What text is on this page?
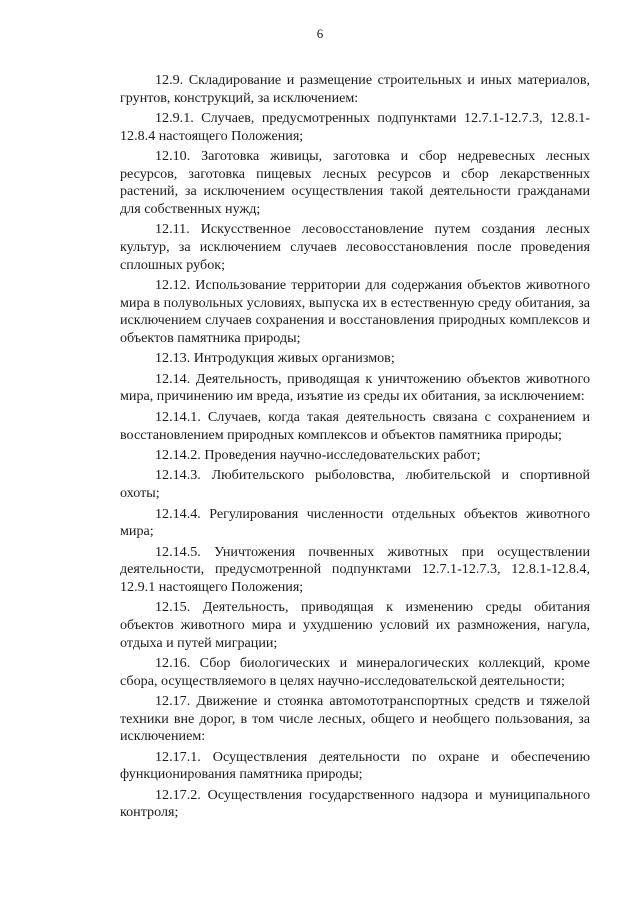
6

12.9. Складирование и размещение строительных и иных материалов, грунтов, конструкций, за исключением:

12.9.1. Случаев, предусмотренных подпунктами 12.7.1-12.7.3, 12.8.1-12.8.4 настоящего Положения;

12.10. Заготовка живицы, заготовка и сбор недревесных лесных ресурсов, заготовка пищевых лесных ресурсов и сбор лекарственных растений, за исключением осуществления такой деятельности гражданами для собственных нужд;

12.11. Искусственное лесовосстановление путем создания лесных культур, за исключением случаев лесовосстановления после проведения сплошных рубок;

12.12. Использование территории для содержания объектов животного мира в полувольных условиях, выпуска их в естественную среду обитания, за исключением случаев сохранения и восстановления природных комплексов и объектов памятника природы;

12.13. Интродукция живых организмов;

12.14. Деятельность, приводящая к уничтожению объектов животного мира, причинению им вреда, изъятие из среды их обитания, за исключением:

12.14.1. Случаев, когда такая деятельность связана с сохранением и восстановлением природных комплексов и объектов памятника природы;

12.14.2. Проведения научно-исследовательских работ;

12.14.3. Любительского рыболовства, любительской и спортивной охоты;

12.14.4. Регулирования численности отдельных объектов животного мира;

12.14.5. Уничтожения почвенных животных при осуществлении деятельности, предусмотренной подпунктами 12.7.1-12.7.3, 12.8.1-12.8.4, 12.9.1 настоящего Положения;

12.15. Деятельность, приводящая к изменению среды обитания объектов животного мира и ухудшению условий их размножения, нагула, отдыха и путей миграции;

12.16. Сбор биологических и минералогических коллекций, кроме сбора, осуществляемого в целях научно-исследовательской деятельности;

12.17. Движение и стоянка автомототранспортных средств и тяжелой техники вне дорог, в том числе лесных, общего и необщего пользования, за исключением:

12.17.1. Осуществления деятельности по охране и обеспечению функционирования памятника природы;

12.17.2. Осуществления государственного надзора и муниципального контроля;
